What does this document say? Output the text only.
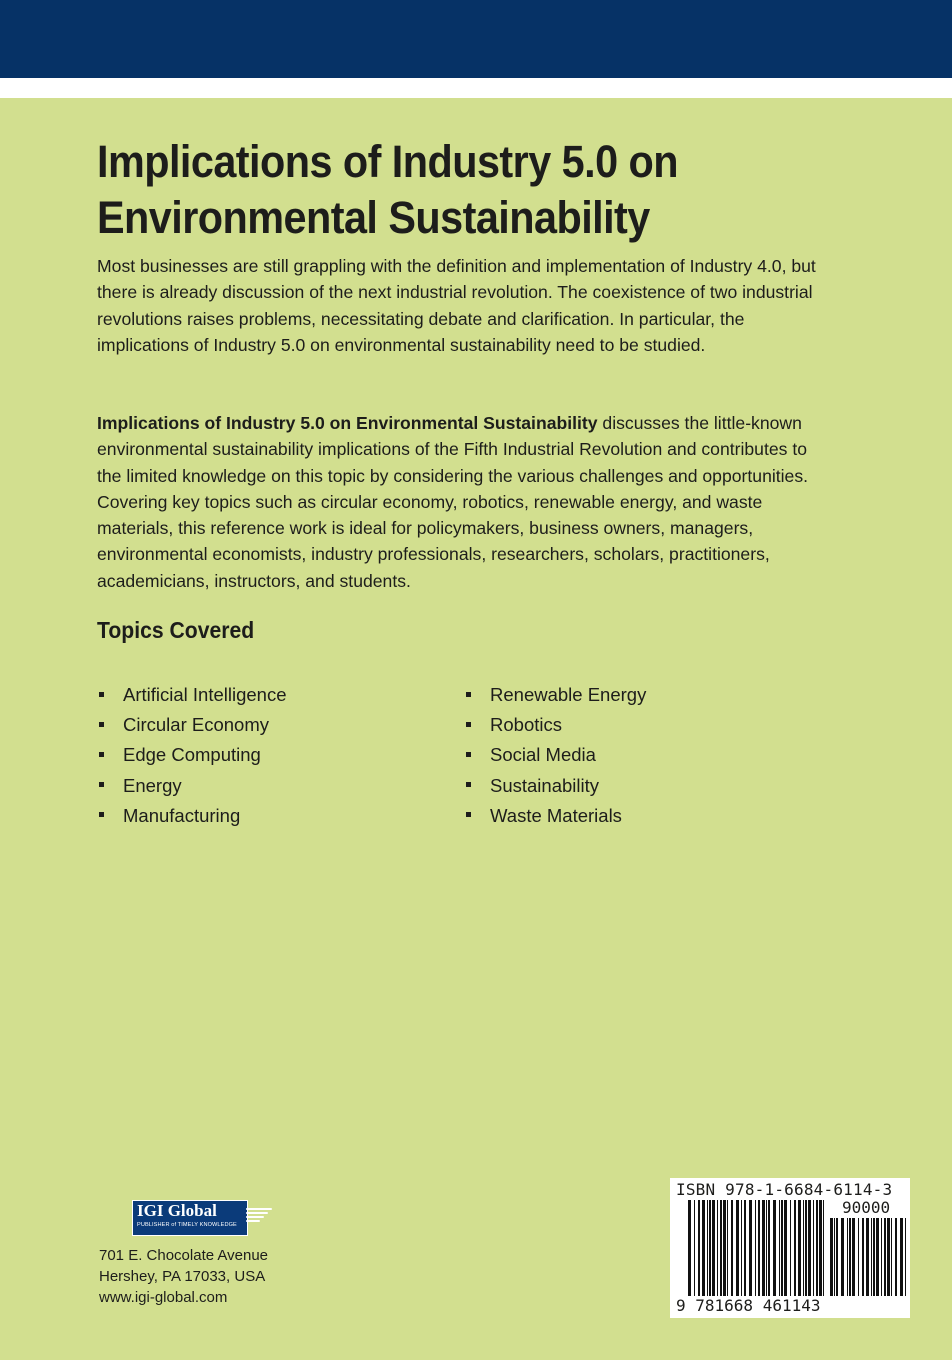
Implications of Industry 5.0 on Environmental Sustainability

Most businesses are still grappling with the definition and implementation of Industry 4.0, but there is already discussion of the next industrial revolution. The coexistence of two industrial revolutions raises problems, necessitating debate and clarification. In particular, the implications of Industry 5.0 on environmental sustainability need to be studied.

Implications of Industry 5.0 on Environmental Sustainability discusses the little-known environmental sustainability implications of the Fifth Industrial Revolution and contributes to the limited knowledge on this topic by considering the various challenges and opportunities. Covering key topics such as circular economy, robotics, renewable energy, and waste materials, this reference work is ideal for policymakers, business owners, managers, environmental economists, industry professionals, researchers, scholars, practitioners, academicians, instructors, and students.

Topics Covered
Artificial Intelligence
Circular Economy
Edge Computing
Energy
Manufacturing
Renewable Energy
Robotics
Social Media
Sustainability
Waste Materials
IGI Global
PUBLISHER of TIMELY KNOWLEDGE
701 E. Chocolate Avenue
Hershey, PA 17033, USA
www.igi-global.com
ISBN 978-1-6684-6114-3
90000
9 781668 461143
